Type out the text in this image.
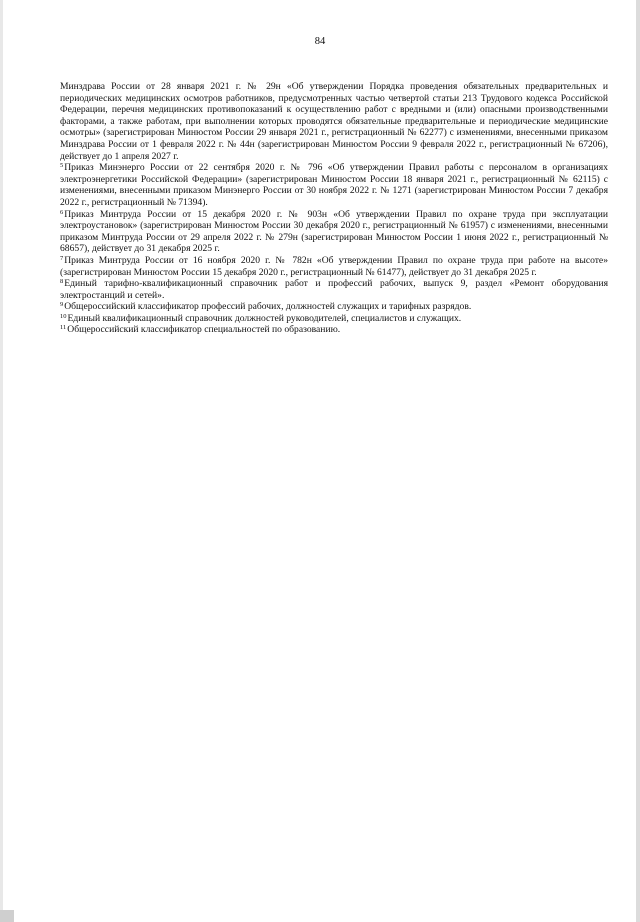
84

Минздрава России от 28 января 2021 г. № 29н «Об утверждении Порядка проведения обязательных предварительных и периодических медицинских осмотров работников, предусмотренных частью четвертой статьи 213 Трудового кодекса Российской Федерации, перечня медицинских противопоказаний к осуществлению работ с вредными и (или) опасными производственными факторами, а также работам, при выполнении которых проводятся обязательные предварительные и периодические медицинские осмотры» (зарегистрирован Минюстом России 29 января 2021 г., регистрационный № 62277) с изменениями, внесенными приказом Минздрава России от 1 февраля 2022 г. № 44н (зарегистрирован Минюстом России 9 февраля 2022 г., регистрационный № 67206), действует до 1 апреля 2027 г.

$^5$Приказ Минэнерго России от 22 сентября 2020 г. № 796 «Об утверждении Правил работы с персоналом в организациях электроэнергетики Российской Федерации» (зарегистрирован Минюстом России 18 января 2021 г., регистрационный № 62115) с изменениями, внесенными приказом Минэнерго России от 30 ноября 2022 г. № 1271 (зарегистрирован Минюстом России 7 декабря 2022 г., регистрационный № 71394).

$^6$Приказ Минтруда России от 15 декабря 2020 г. № 903н «Об утверждении Правил по охране труда при эксплуатации электроустановок» (зарегистрирован Минюстом России 30 декабря 2020 г., регистрационный № 61957) с изменениями, внесенными приказом Минтруда России от 29 апреля 2022 г. № 279н (зарегистрирован Минюстом России 1 июня 2022 г., регистрационный № 68657), действует до 31 декабря 2025 г.

$^7$Приказ Минтруда России от 16 ноября 2020 г. № 782н «Об утверждении Правил по охране труда при работе на высоте» (зарегистрирован Минюстом России 15 декабря 2020 г., регистрационный № 61477), действует до 31 декабря 2025 г.

$^8$Единый тарифно-квалификационный справочник работ и профессий рабочих, выпуск 9, раздел «Ремонт оборудования электростанций и сетей».

$^9$Общероссийский классификатор профессий рабочих, должностей служащих и тарифных разрядов.

$^{10}$Единый квалификационный справочник должностей руководителей, специалистов и служащих.

$^{11}$Общероссийский классификатор специальностей по образованию.
